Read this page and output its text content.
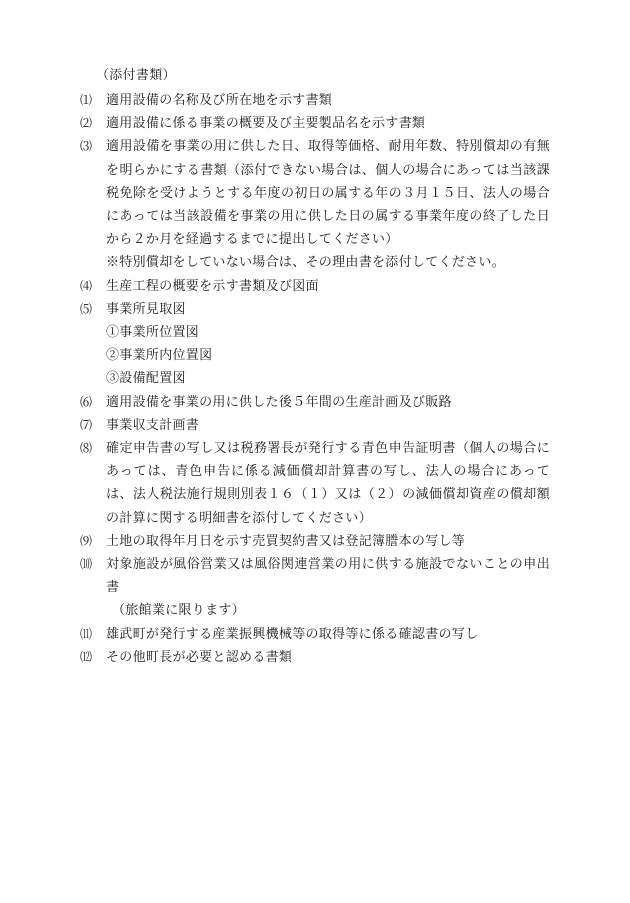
（添付書類）
⑴ 適用設備の名称及び所在地を示す書類
⑵ 適用設備に係る事業の概要及び主要製品名を示す書類
⑶ 適用設備を事業の用に供した日、取得等価格、耐用年数、特別償却の有無を明らかにする書類（添付できない場合は、個人の場合にあっては当該課税免除を受けようとする年度の初日の属する年の３月１５日、法人の場合にあっては当該設備を事業の用に供した日の属する事業年度の終了した日から２か月を経過するまでに提出してください）
※特別償却をしていない場合は、その理由書を添付してください。
⑷ 生産工程の概要を示す書類及び図面
⑸ 事業所見取図
①事業所位置図
②事業所内位置図
③設備配置図
⑹ 適用設備を事業の用に供した後５年間の生産計画及び販路
⑺ 事業収支計画書
⑻ 確定申告書の写し又は税務署長が発行する青色申告証明書（個人の場合にあっては、青色申告に係る減価償却計算書の写し、法人の場合にあっては、法人税法施行規則別表１６（１）又は（２）の減価償却資産の償却額の計算に関する明細書を添付してください）
⑼ 土地の取得年月日を示す売買契約書又は登記簿謄本の写し等
⑽ 対象施設が風俗営業又は風俗関連営業の用に供する施設でないことの申出書
（旅館業に限ります）
⑾ 雄武町が発行する産業振興機械等の取得等に係る確認書の写し
⑿ その他町長が必要と認める書類
